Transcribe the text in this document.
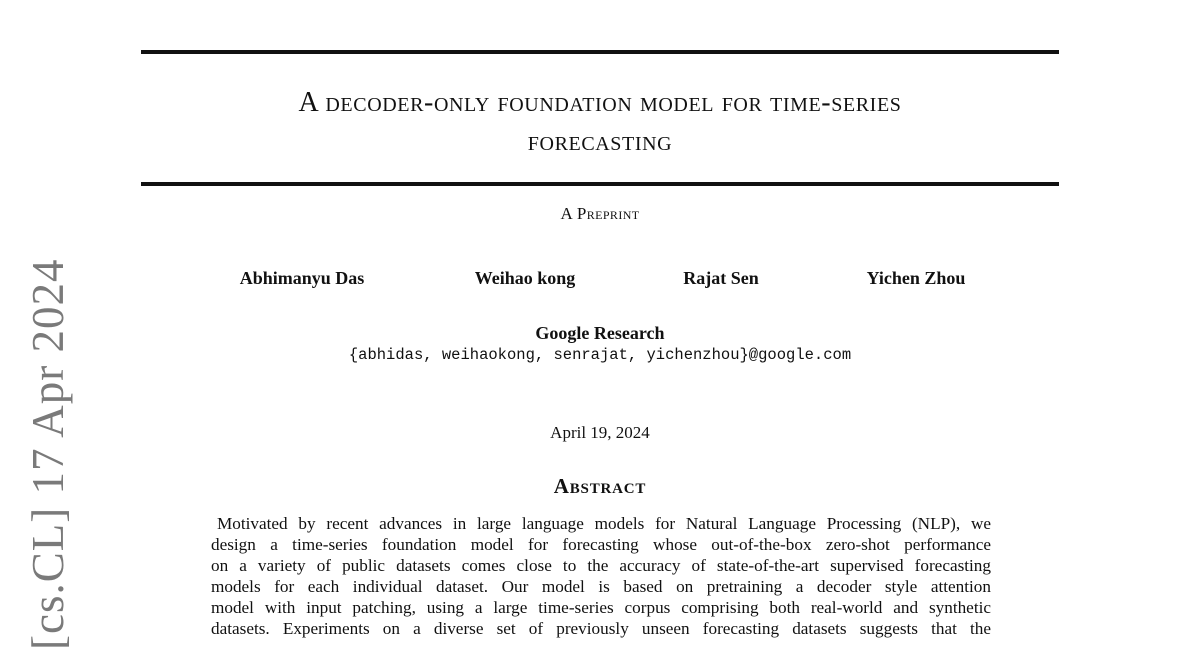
[cs.CL] 17 Apr 2024
A decoder-only foundation model for time-series
forecasting
A Preprint
Abhimanyu Das	Weihao kong	Rajat Sen	Yichen Zhou
Google Research
{abhidas, weihaokong, senrajat, yichenzhou}@google.com
April 19, 2024
Abstract
Motivated by recent advances in large language models for Natural Language Processing (NLP), we
design a time-series foundation model for forecasting whose out-of-the-box zero-shot performance
on a variety of public datasets comes close to the accuracy of state-of-the-art supervised forecasting
models for each individual dataset. Our model is based on pretraining a decoder style attention
model with input patching, using a large time-series corpus comprising both real-world and synthetic
datasets. Experiments on a diverse set of previously unseen forecasting datasets suggests that the
